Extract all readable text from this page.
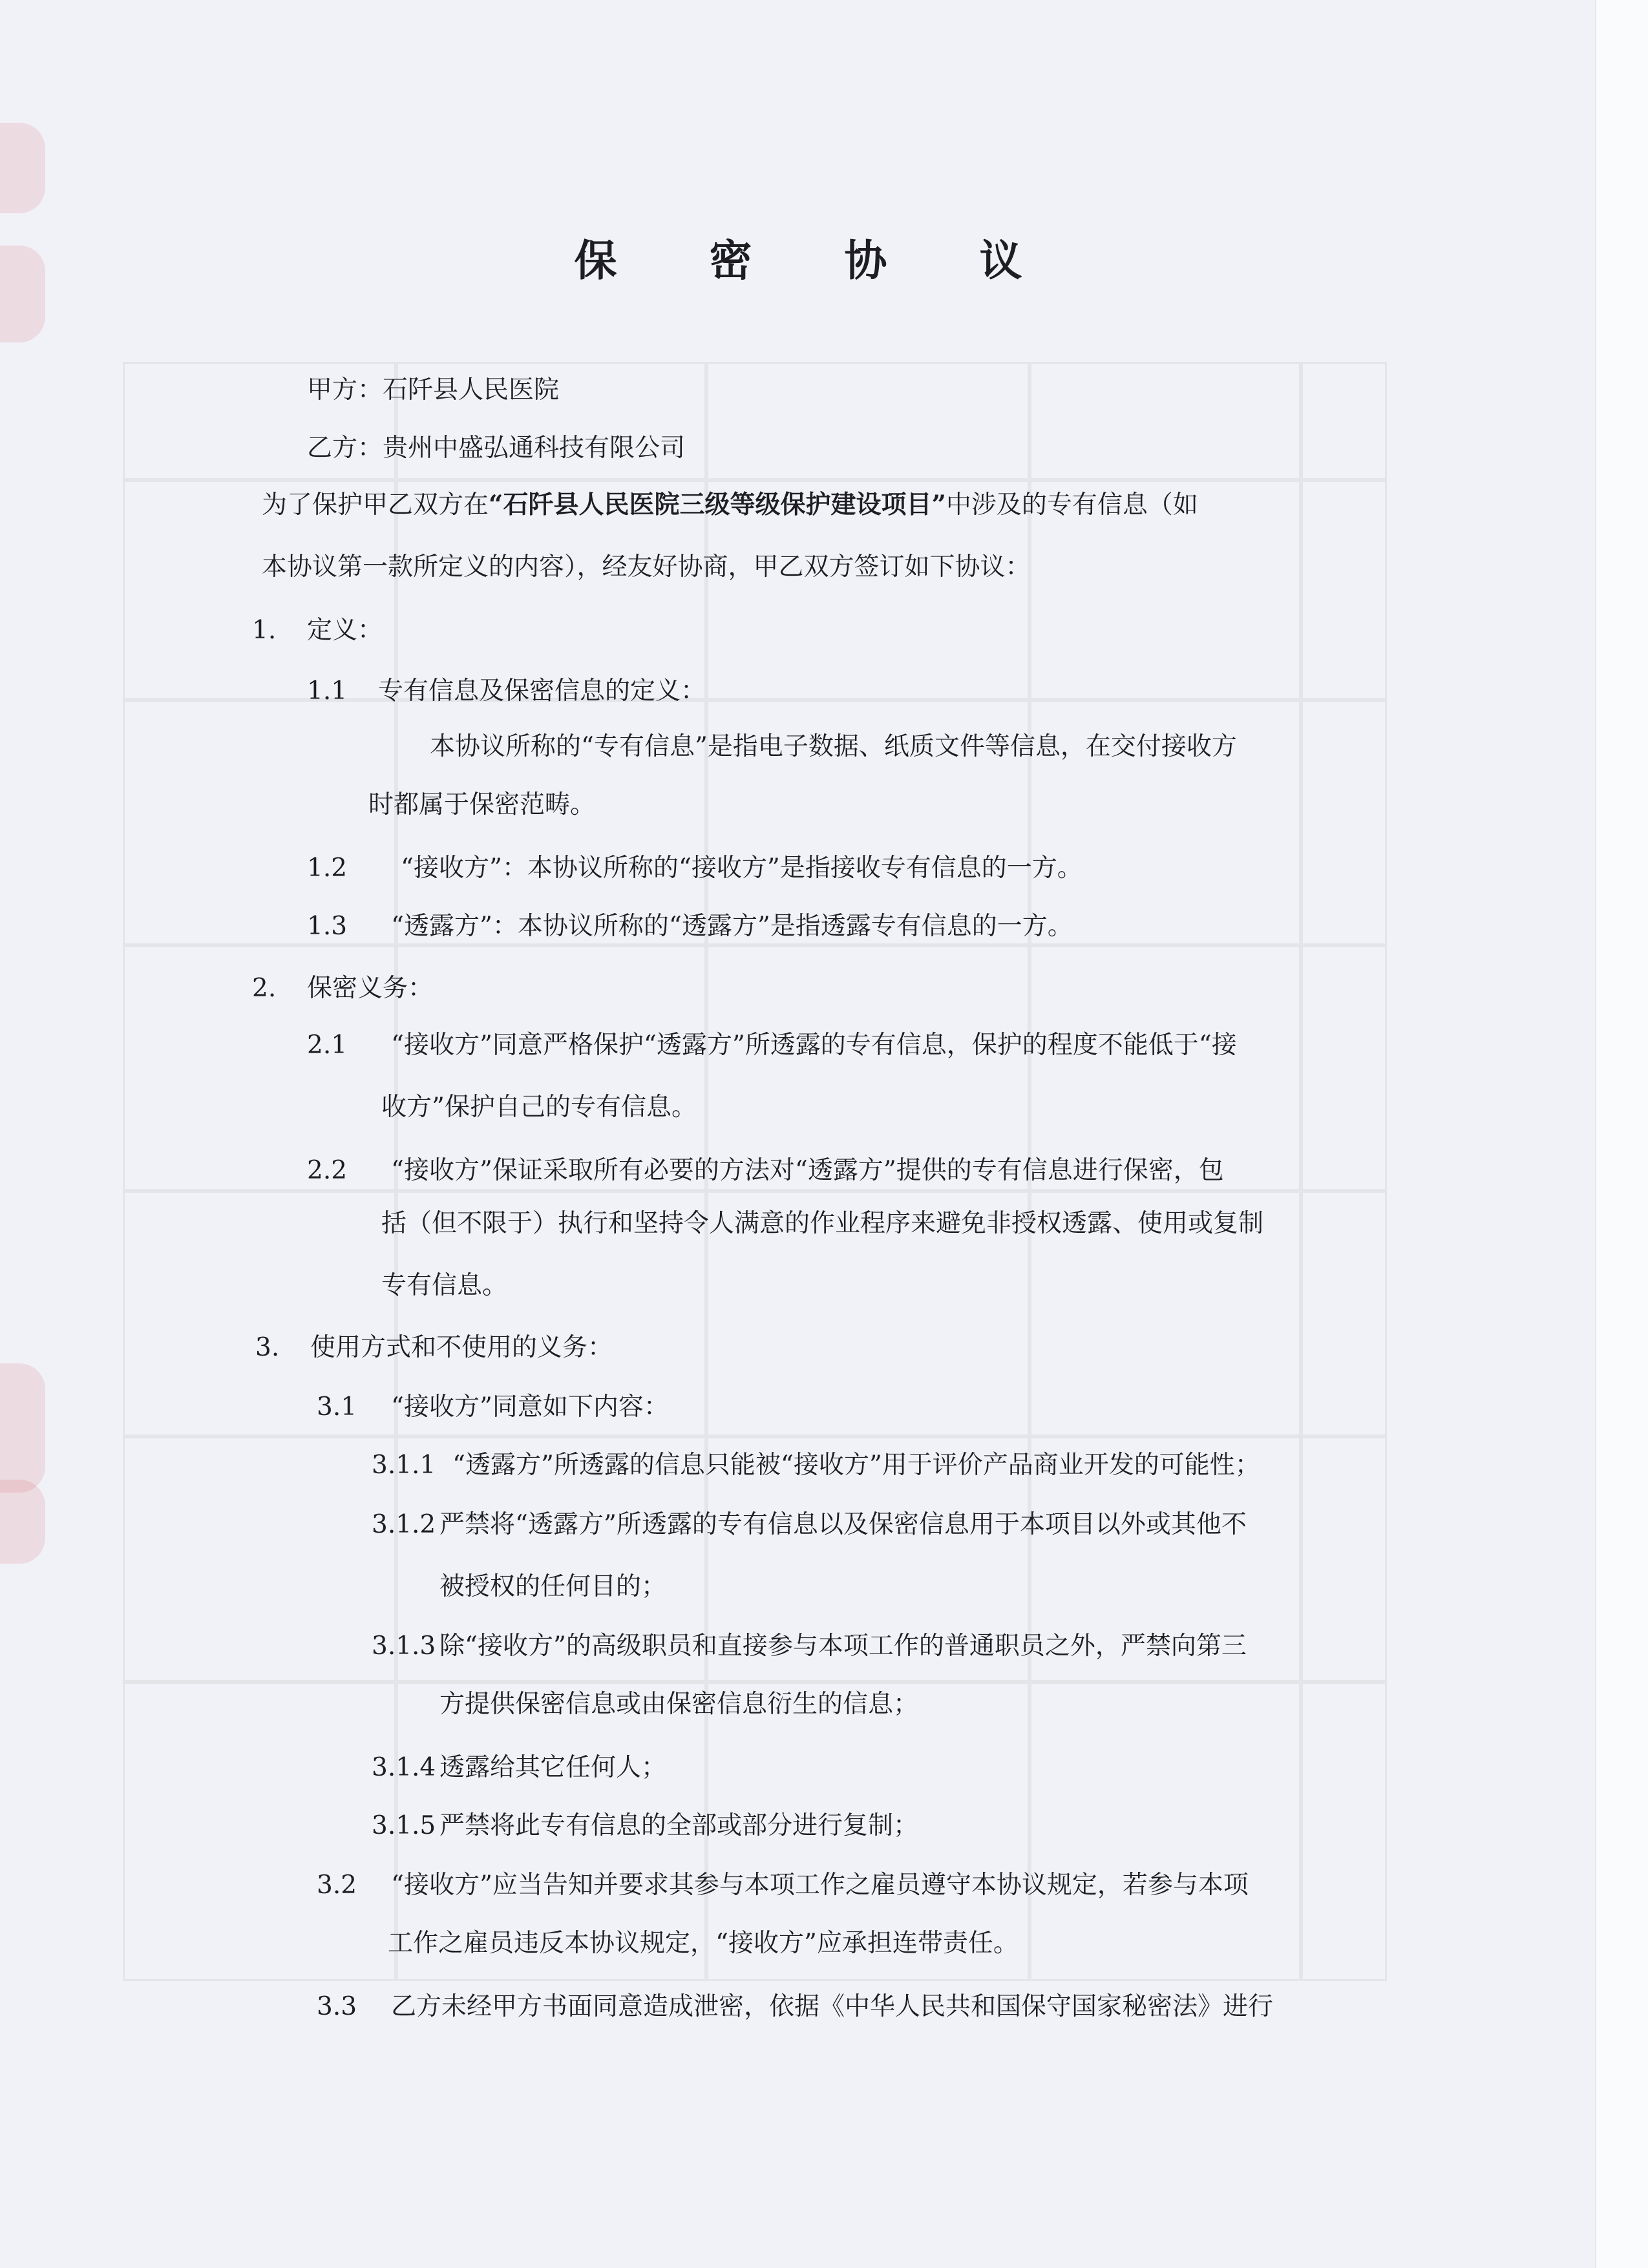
保 密 协 议
甲方：石阡县人民医院
乙方：贵州中盛弘通科技有限公司
为了保护甲乙双方在“石阡县人民医院三级等级保护建设项目”中涉及的专有信息（如
本协议第一款所定义的内容），经友好协商，甲乙双方签订如下协议：
1. 定义：
1.1 专有信息及保密信息的定义：
本协议所称的“专有信息”是指电子数据、纸质文件等信息，在交付接收方
时都属于保密范畴。
1.2 “接收方”：本协议所称的“接收方”是指接收专有信息的一方。
1.3 “透露方”：本协议所称的“透露方”是指透露专有信息的一方。
2. 保密义务：
2.1 “接收方”同意严格保护“透露方”所透露的专有信息，保护的程度不能低于“接
收方”保护自己的专有信息。
2.2 “接收方”保证采取所有必要的方法对“透露方”提供的专有信息进行保密，包
括（但不限于）执行和坚持令人满意的作业程序来避免非授权透露、使用或复制
专有信息。
3. 使用方式和不使用的义务：
3.1 “接收方”同意如下内容：
3.1.1 “透露方”所透露的信息只能被“接收方”用于评价产品商业开发的可能性；
3.1.2 严禁将“透露方”所透露的专有信息以及保密信息用于本项目以外或其他不
被授权的任何目的；
3.1.3 除“接收方”的高级职员和直接参与本项工作的普通职员之外，严禁向第三
方提供保密信息或由保密信息衍生的信息；
3.1.4 透露给其它任何人；
3.1.5 严禁将此专有信息的全部或部分进行复制；
3.2 “接收方”应当告知并要求其参与本项工作之雇员遵守本协议规定，若参与本项
工作之雇员违反本协议规定，“接收方”应承担连带责任。
3.3 乙方未经甲方书面同意造成泄密，依据《中华人民共和国保守国家秘密法》进行
